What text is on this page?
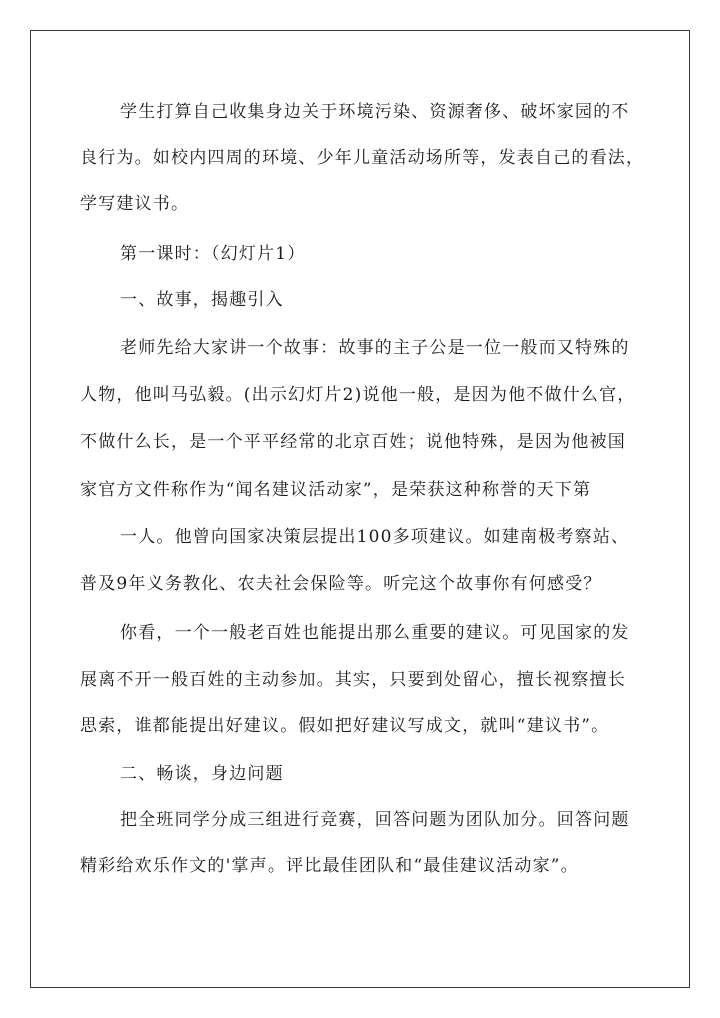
学生打算自己收集身边关于环境污染、资源奢侈、破坏家园的不
良行为。如校内四周的环境、少年儿童活动场所等，发表自己的看法，
学写建议书。
第一课时：（幻灯片1）
一、故事，揭趣引入
老师先给大家讲一个故事：故事的主子公是一位一般而又特殊的
人物，他叫马弘毅。(出示幻灯片2)说他一般，是因为他不做什么官，
不做什么长，是一个平平经常的北京百姓；说他特殊，是因为他被国
家官方文件称作为“闻名建议活动家”，是荣获这种称誉的天下第
一人。他曾向国家决策层提出100多项建议。如建南极考察站、
普及9年义务教化、农夫社会保险等。听完这个故事你有何感受？
你看，一个一般老百姓也能提出那么重要的建议。可见国家的发
展离不开一般百姓的主动参加。其实，只要到处留心，擅长视察擅长
思索，谁都能提出好建议。假如把好建议写成文，就叫“建议书”。
二、畅谈，身边问题
把全班同学分成三组进行竞赛，回答问题为团队加分。回答问题
精彩给欢乐作文的'掌声。评比最佳团队和“最佳建议活动家”。
